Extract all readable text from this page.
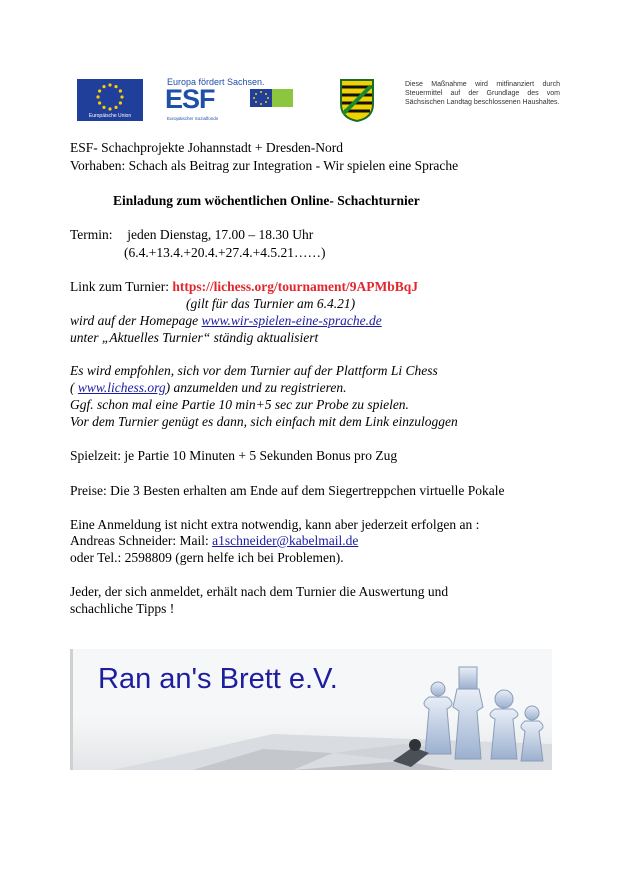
Europäische Union
Europa fördert Sachsen.
ESF
Europäischer Sozialfonds
Diese Maßnahme wird mitfinanziert durch Steuermittel auf der Grundlage des vom Sächsischen Landtag beschlossenen Haushaltes.
ESF- Schachprojekte Johannstadt + Dresden-Nord
Vorhaben: Schach als Beitrag zur Integration - Wir spielen eine Sprache
Einladung zum wöchentlichen Online- Schachturnier
Termin: jeden Dienstag, 17.00 – 18.30 Uhr
(6.4.+13.4.+20.4.+27.4.+4.5.21……)
Link zum Turnier: https://lichess.org/tournament/9APMbBqJ
(gilt für das Turnier am 6.4.21)
wird auf der Homepage www.wir-spielen-eine-sprache.de
unter „Aktuelles Turnier“ ständig aktualisiert
Es wird empfohlen, sich vor dem Turnier auf der Plattform Li Chess
( www.lichess.org) anzumelden und zu registrieren.
Ggf. schon mal eine Partie 10 min+5 sec zur Probe zu spielen.
Vor dem Turnier genügt es dann, sich einfach mit dem Link einzuloggen
Spielzeit: je Partie 10 Minuten + 5 Sekunden Bonus pro Zug
Preise: Die 3 Besten erhalten am Ende auf dem Siegertreppchen virtuelle Pokale
Eine Anmeldung ist nicht extra notwendig, kann aber jederzeit erfolgen an :
Andreas Schneider: Mail: a1schneider@kabelmail.de
oder Tel.: 2598809 (gern helfe ich bei Problemen).
Jeder, der sich anmeldet, erhält nach dem Turnier die Auswertung und
schachliche Tipps !
Ran an's Brett e.V.
